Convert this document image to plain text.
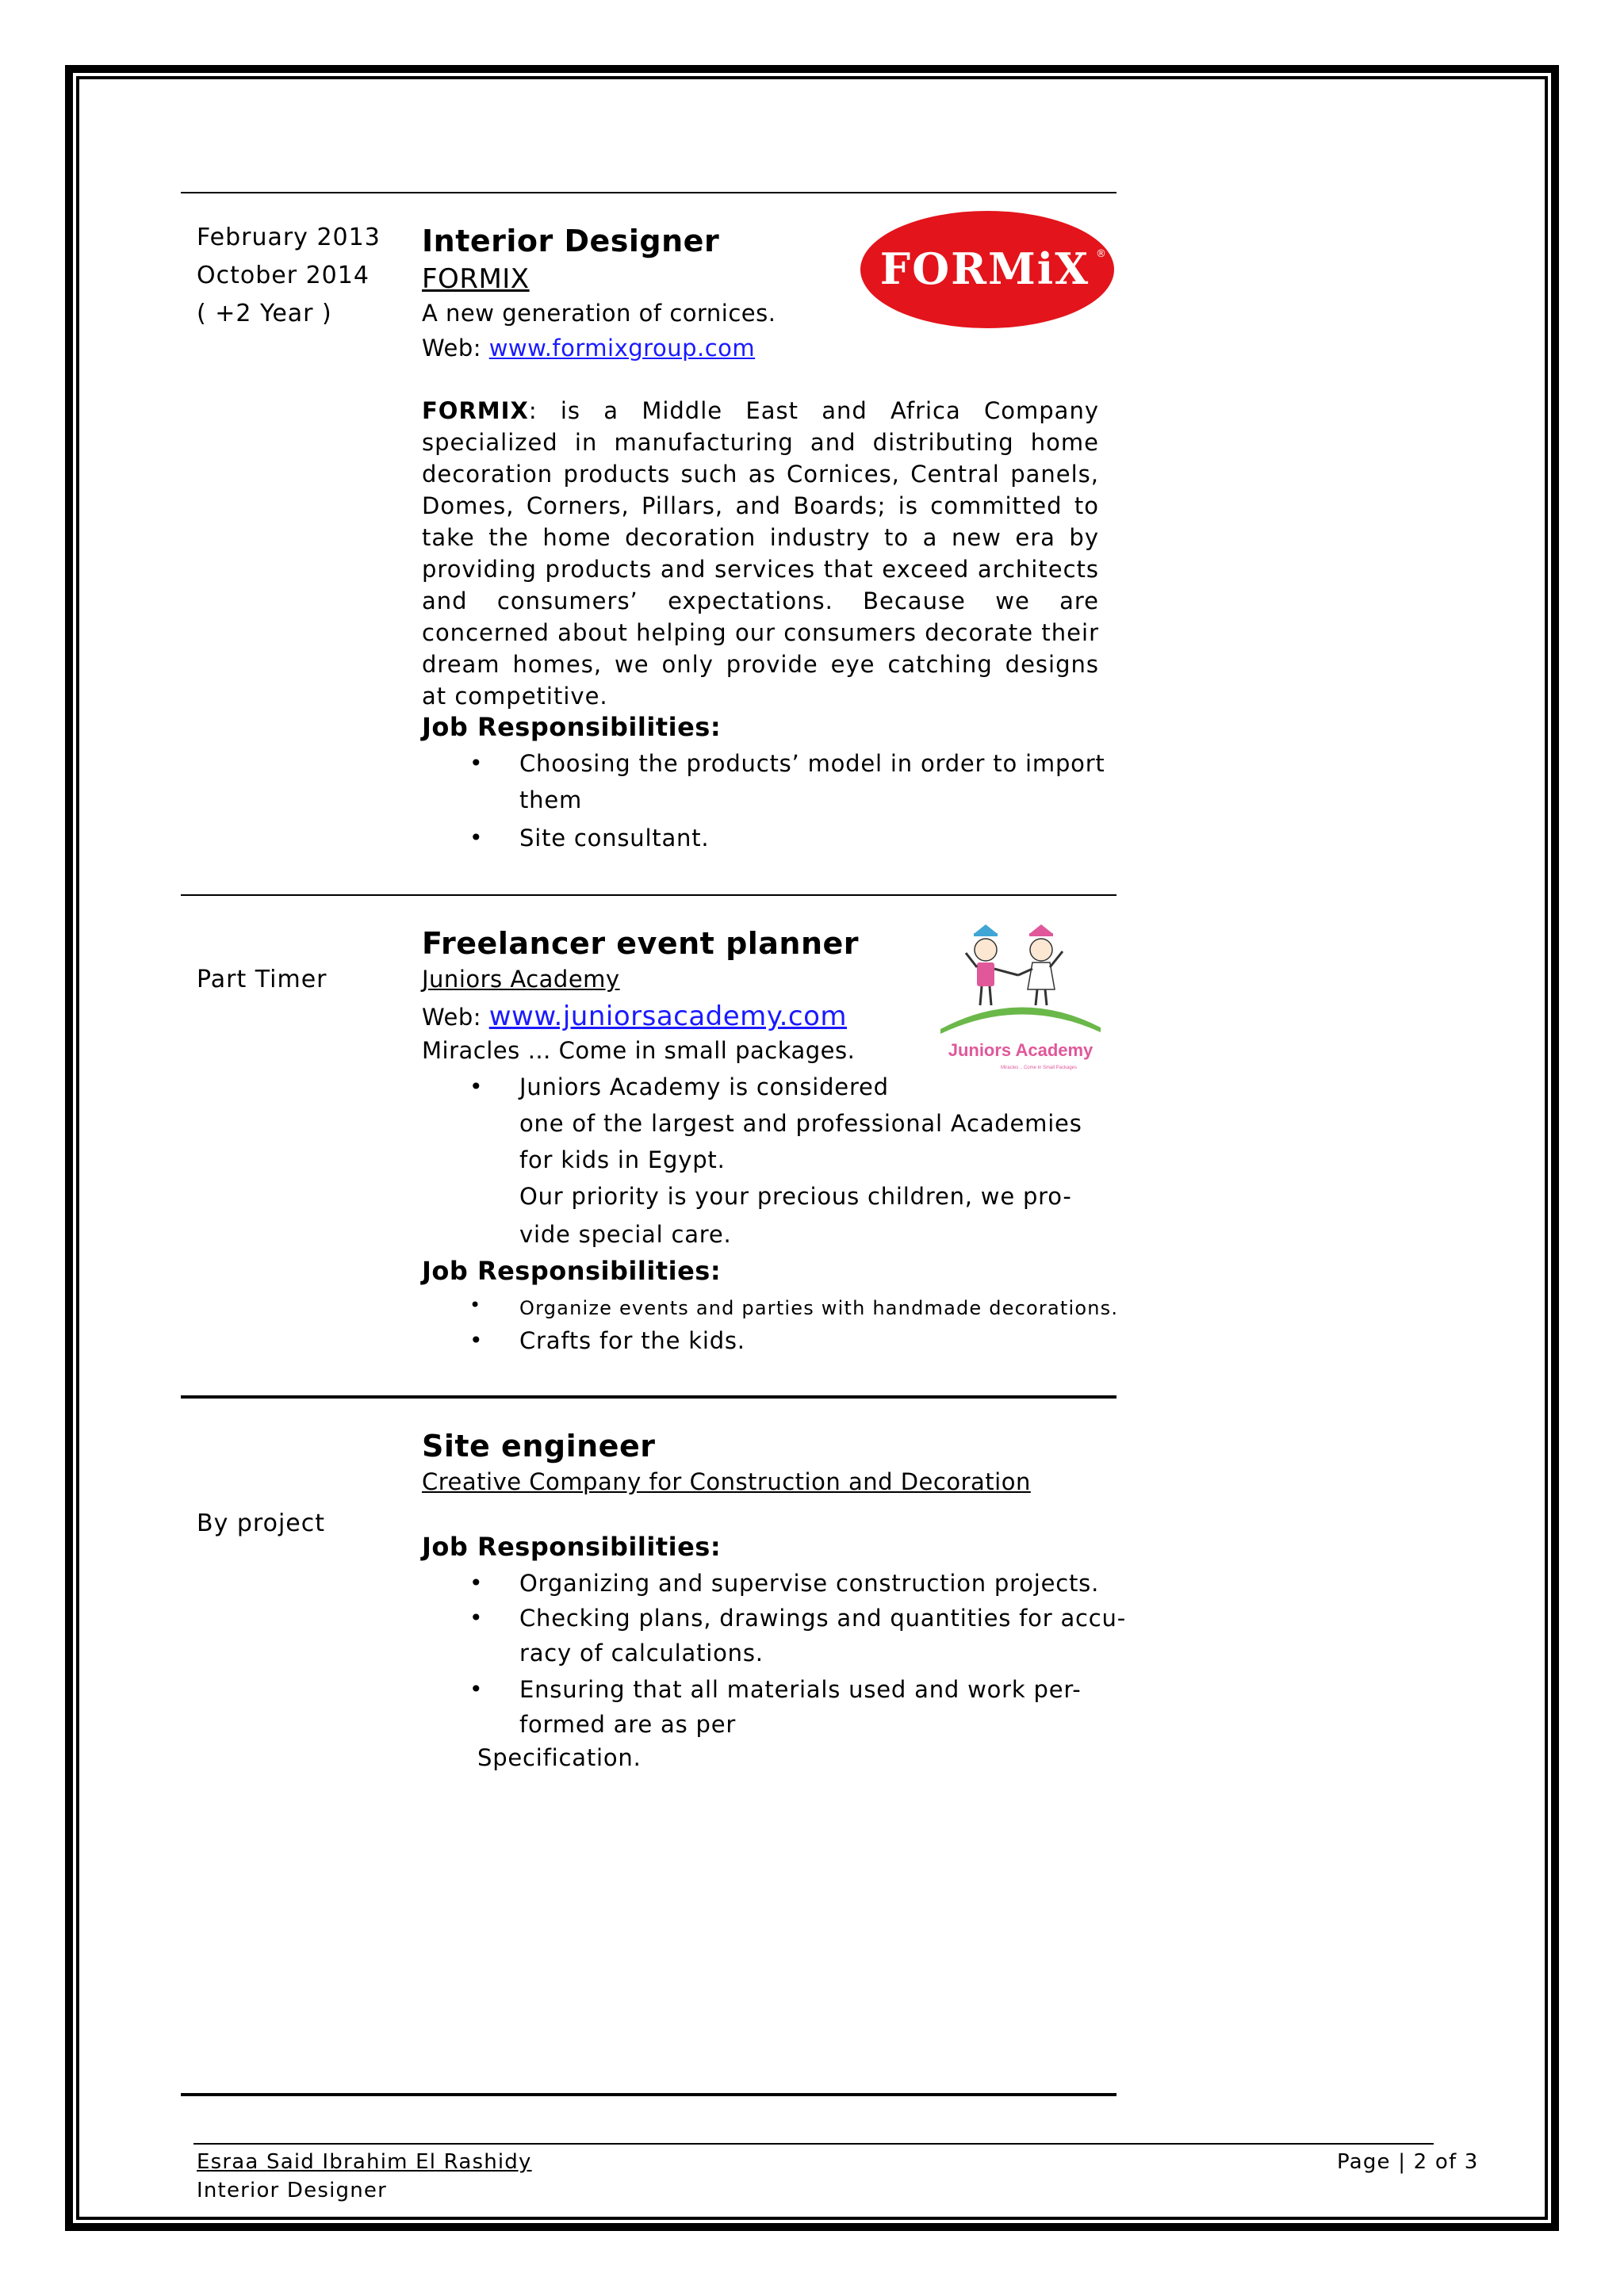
February 2013
October 2014
( +2 Year )
Interior Designer
FORMIX
A new generation of cornices.
Web: www.formixgroup.com
FORMiX ®
FORMIX: is a Middle East and Africa Company specialized in manufacturing and distributing home decoration products such as Cornices, Central panels, Domes, Corners, Pillars, and Boards; is committed to take the home decoration industry to a new era by providing products and services that exceed architects and consumers’ expectations. Because we are concerned about helping our consumers decorate their dream homes, we only provide eye catching designs at competitive.
Job Responsibilities:
• Choosing the products’ model in order to import
them
• Site consultant.
Part Timer
Freelancer event planner
Juniors Academy
Web: www.juniorsacademy.com
Miracles … Come in small packages.	Juniors Academy
Miracles .. Come in Small Packages
• Juniors Academy is considered
one of the largest and professional Academies
for kids in Egypt.
Our priority is your precious children, we pro-
vide special care.
Job Responsibilities:
• Organize events and parties with handmade decorations.
• Crafts for the kids.
By project
Site engineer
Creative Company for Construction and Decoration
Job Responsibilities:
• Organizing and supervise construction projects.
• Checking plans, drawings and quantities for accu-
racy of calculations.
• Ensuring that all materials used and work per-
formed are as per
Specification.
Esraa Said Ibrahim El Rashidy
Interior Designer
Page | 2 of 3
